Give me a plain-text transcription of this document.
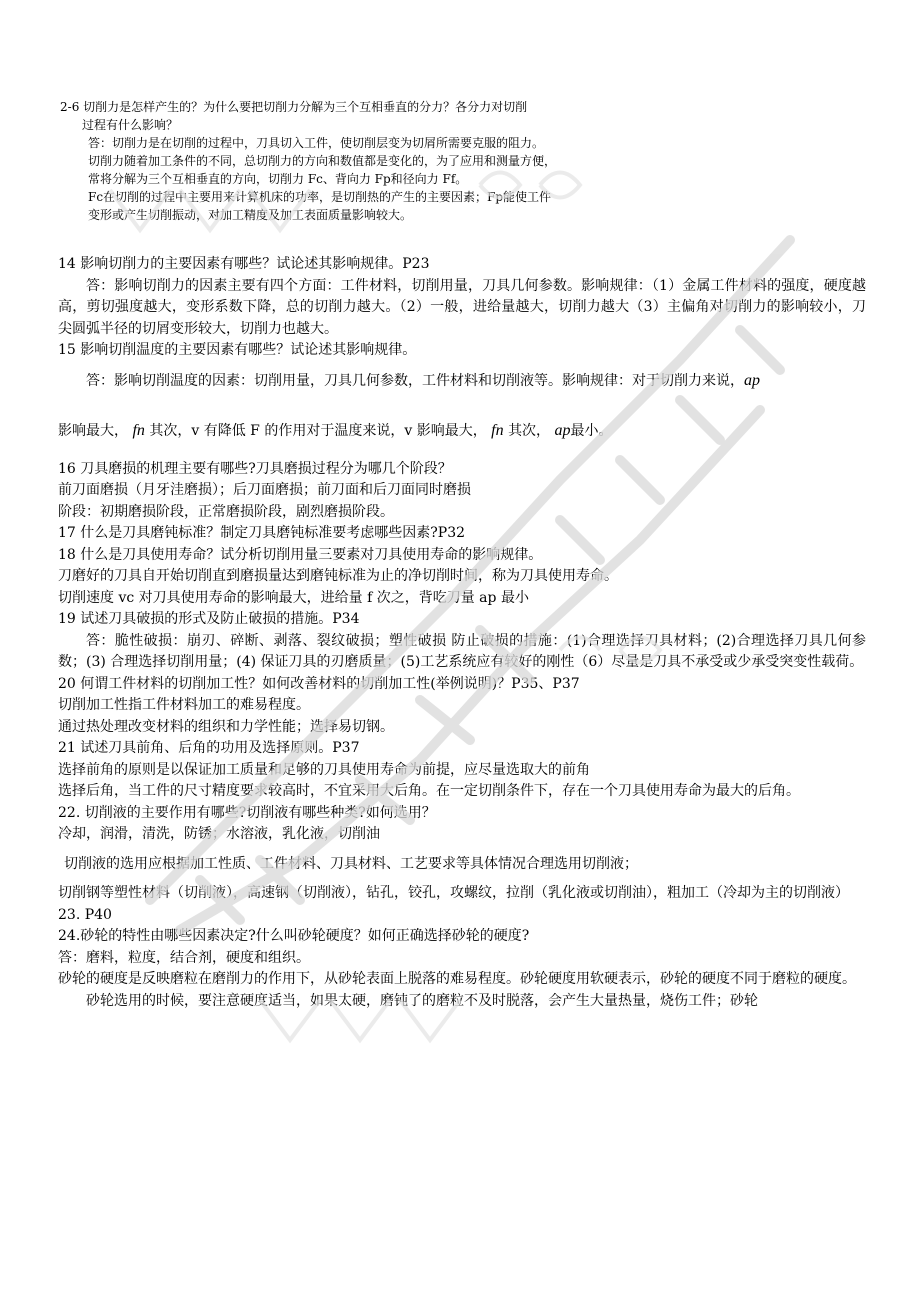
2-6 切削力是怎样产生的？为什么要把切削力分解为三个互相垂直的分力？各分力对切削
过程有什么影响？
答：切削力是在切削的过程中，刀具切入工件，使切削层变为切屑所需要克服的阻力。
切削力随着加工条件的不同，总切削力的方向和数值都是变化的，为了应用和测量方便，
常将分解为三个互相垂直的方向，切削力 Fc、背向力 Fp和径向力 Ff。
Fc在切削的过程中主要用来计算机床的功率，是切削热的产生的主要因素；Fp能使工件
变形或产生切削振动，对加工精度及加工表面质量影响较大。

14 影响切削力的主要因素有哪些？试论述其影响规律。P23

答：影响切削力的因素主要有四个方面：工件材料，切削用量，刀具几何参数。影响规律：（1）金属工件材料的强度，硬度越高，剪切强度越大，变形系数下降，总的切削力越大。（2）一般，进给量越大，切削力越大（3）主偏角对切削力的影响较小，刀尖圆弧半径的切屑变形较大，切削力也越大。

15 影响切削温度的主要因素有哪些？试论述其影响规律。

答：影响切削温度的因素：切削用量，刀具几何参数，工件材料和切削液等。影响规律：对于切削力来说，ap

影响最大， fn 其次，v 有降低 F 的作用对于温度来说，v 影响最大， fn 其次， ap最小。

16 刀具磨损的机理主要有哪些?刀具磨损过程分为哪几个阶段？

前刀面磨损（月牙洼磨损）；后刀面磨损；前刀面和后刀面同时磨损

阶段：初期磨损阶段，正常磨损阶段，剧烈磨损阶段。

17 什么是刀具磨钝标准？制定刀具磨钝标准要考虑哪些因素?P32

18 什么是刀具使用寿命？试分析切削用量三要素对刀具使用寿命的影响规律。

刀磨好的刀具自开始切削直到磨损量达到磨钝标准为止的净切削时间，称为刀具使用寿命。

切削速度 vc 对刀具使用寿命的影响最大，进给量 f 次之，背吃刀量 ap 最小

19 试述刀具破损的形式及防止破损的措施。P34

答：脆性破损：崩刃、碎断、剥落、裂纹破损；塑性破损 防止破损的措施：(1)合理选择刀具材料；(2)合理选择刀具几何参数；(3) 合理选择切削用量；(4) 保证刀具的刃磨质量；(5)工艺系统应有较好的刚性（6）尽量是刀具不承受或少承受突变性载荷。

20 何谓工件材料的切削加工性？如何改善材料的切削加工性(举例说明)？P35、P37

切削加工性指工件材料加工的难易程度。

通过热处理改变材料的组织和力学性能；选择易切钢。

21 试述刀具前角、后角的功用及选择原则。P37

选择前角的原则是以保证加工质量和足够的刀具使用寿命为前提，应尽量选取大的前角

选择后角，当工件的尺寸精度要求较高时，不宜采用大后角。在一定切削条件下，存在一个刀具使用寿命为最大的后角。

22. 切削液的主要作用有哪些?切削液有哪些种类?如何选用？

冷却，润滑，清洗，防锈；水溶液，乳化液，切削油

切削液的选用应根据加工性质、工件材料、刀具材料、工艺要求等具体情况合理选用切削液；

切削钢等塑性材料（切削液），高速钢（切削液），钻孔，铰孔，攻螺纹，拉削（乳化液或切削油），粗加工（冷却为主的切削液）

23. P40

24.砂轮的特性由哪些因素决定?什么叫砂轮硬度？如何正确选择砂轮的硬度?

答：磨料，粒度，结合剂，硬度和组织。

砂轮的硬度是反映磨粒在磨削力的作用下，从砂轮表面上脱落的难易程度。砂轮硬度用软硬表示，砂轮的硬度不同于磨粒的硬度。

砂轮选用的时候，要注意硬度适当，如果太硬，磨钝了的磨粒不及时脱落，会产生大量热量，烧伤工件；砂轮
